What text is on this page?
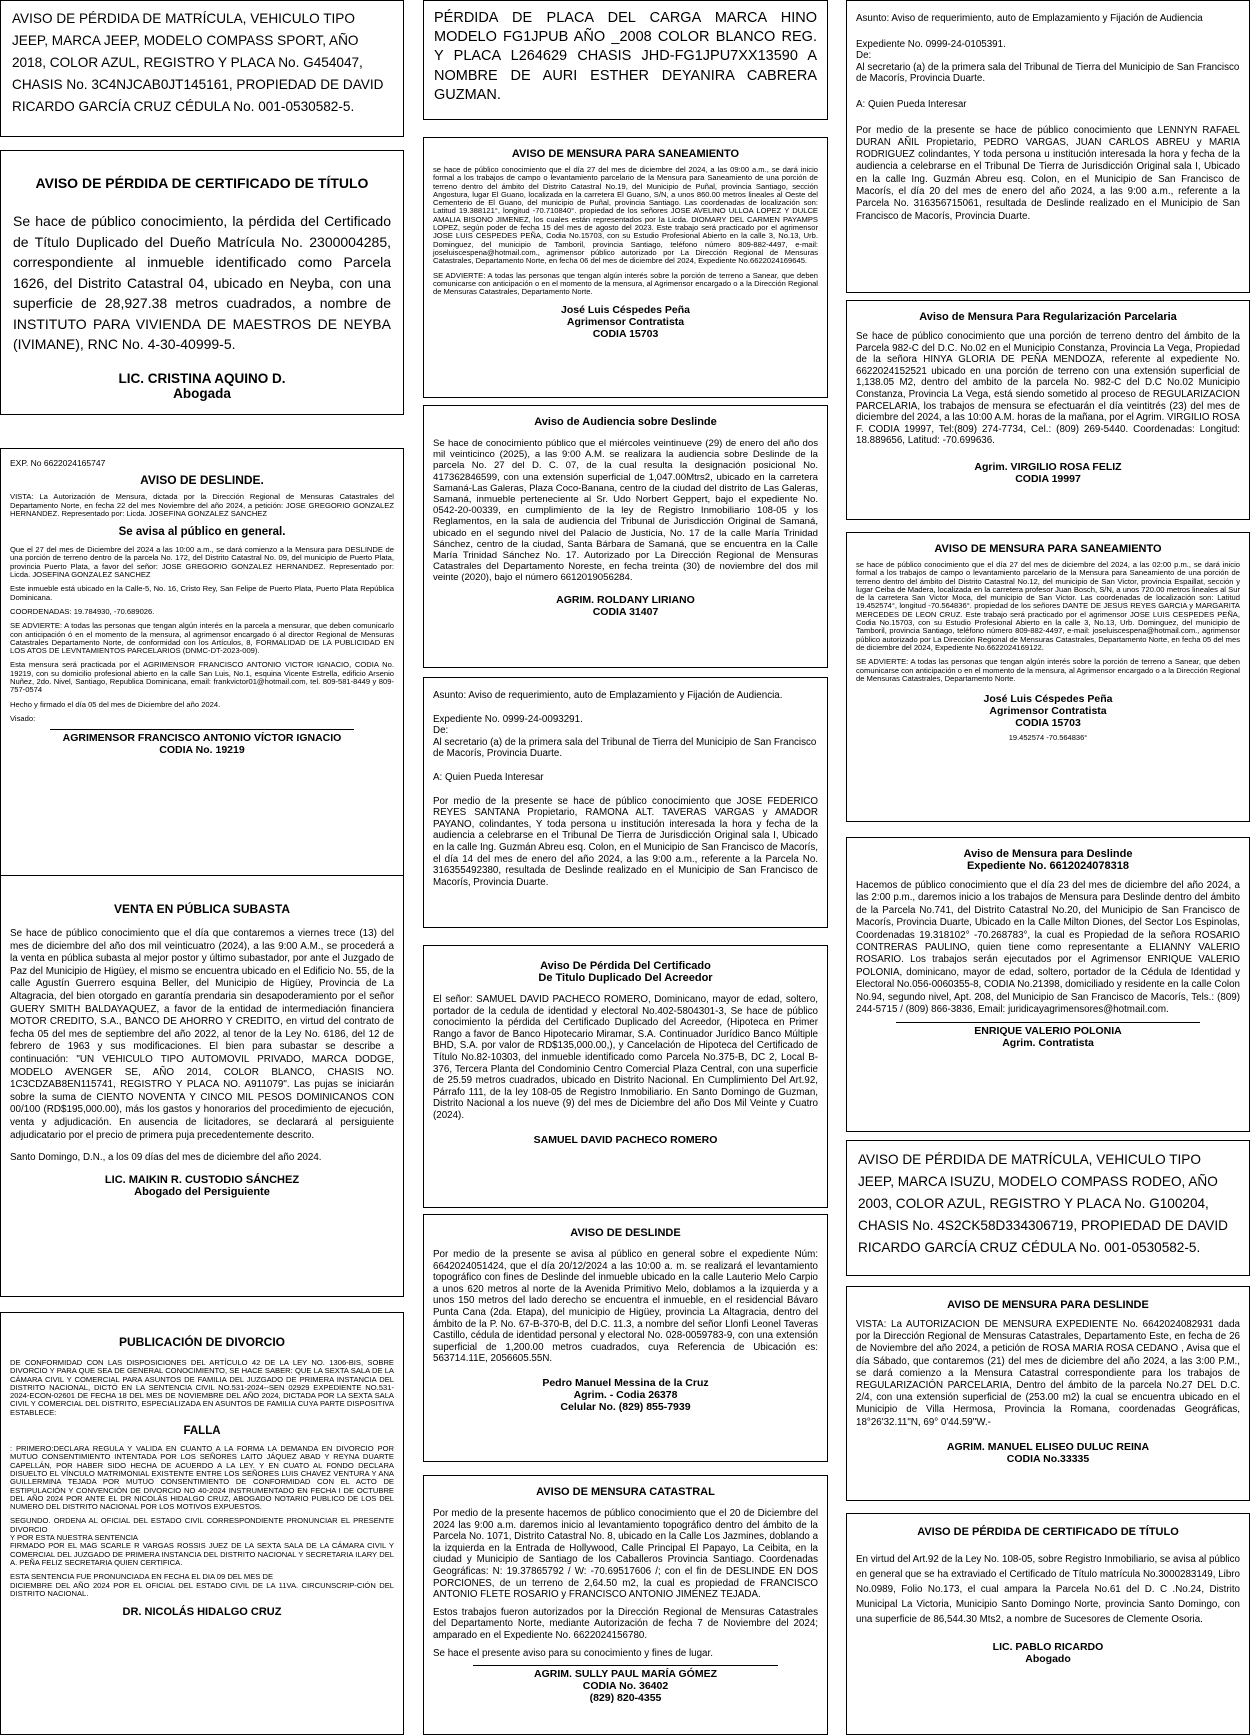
AVISO DE PÉRDIDA DE MATRÍCULA, VEHICULO TIPO JEEP, MARCA JEEP, MODELO COMPASS SPORT, AÑO 2018, COLOR AZUL, REGISTRO Y PLACA No. G454047, CHASIS No. 3C4NJCAB0JT145161, PROPIEDAD DE DAVID RICARDO GARCÍA CRUZ CÉDULA No. 001-0530582-5.

AVISO DE PÉRDIDA DE CERTIFICADO DE TÍTULO

Se hace de público conocimiento, la pérdida del Certificado de Título Duplicado del Dueño Matrícula No. 2300004285, correspondiente al inmueble identificado como Parcela 1626, del Distrito Catastral 04, ubicado en Neyba, con una superficie de 28,927.38 metros cuadrados, a nombre de INSTITUTO PARA VIVIENDA DE MAESTROS DE NEYBA (IVIMANE), RNC No. 4-30-40999-5.

LIC. CRISTINA AQUINO D.

Abogada

EXP. No 6622024165747

AVISO DE DESLINDE.

VISTA: La Autorización de Mensura, dictada por la Dirección Regional de Mensuras Catastrales del Departamento Norte, en fecha 22 del mes Noviembre del año 2024, a petición: JOSE GREGORIO GONZALEZ HERNANDEZ. Representado por: Licda. JOSEFINA GONZALEZ SANCHEZ

Se avisa al público en general.

Que el 27 del mes de Diciembre del 2024 a las 10:00 a.m., se dará comienzo a la Mensura para DESLINDE de una porción de terreno dentro de la parcela No. 172, del Distrito Catastral No. 09, del municipio de Puerto Plata, provincia Puerto Plata, a favor del señor: JOSE GREGORIO GONZALEZ HERNANDEZ. Representado por: Licda. JOSEFINA GONZALEZ SANCHEZ

Este inmueble está ubicado en la Calle-5, No. 16, Cristo Rey, San Felipe de Puerto Plata, Puerto Plata República Dominicana.

COORDENADAS: 19.784930, -70.689026.

SE ADVIERTE: A todas las personas que tengan algún interés en la parcela a mensurar, que deben comunicarlo con anticipación ó en el momento de la mensura, al agrimensor encargado ó al director Regional de Mensuras Catastrales Departamento Norte, de conformidad con los Artículos, 8, FORMALIDAD DE LA PUBLICIDAD EN LOS ATOS DE LEVNTAMIENTOS PARCELARIOS (DNMC-DT-2023-009).

Esta mensura será practicada por el AGRIMENSOR FRANCISCO ANTONIO VICTOR IGNACIO, CODIA No. 19219, con su domicilio profesional abierto en la calle San Luis, No.1, esquina Vicente Estrella, edificio Arsenio Nuñez, 2do. Nivel, Santiago, Republica Dominicana, email: frankvictor01@hotmail.com, tel. 809-581-8449 y 809-757-0574

Hecho y firmado el día 05 del mes de Diciembre del año 2024.

Visado:

AGRIMENSOR FRANCISCO ANTONIO VÍCTOR IGNACIO

CODIA No. 19219

VENTA EN PÚBLICA SUBASTA

Se hace de público conocimiento que el día que contaremos a viernes trece (13) del mes de diciembre del año dos mil veinticuatro (2024), a las 9:00 A.M., se procederá a la venta en pública subasta al mejor postor y último subastador, por ante el Juzgado de Paz del Municipio de Higüey, el mismo se encuentra ubicado en el Edificio No. 55, de la calle Agustín Guerrero esquina Beller, del Municipio de Higüey, Provincia de La Altagracia, del bien otorgado en garantía prendaria sin desapoderamiento por el señor GUERY SMITH BALDAYAQUEZ, a favor de la entidad de intermediación financiera MOTOR CREDITO, S.A., BANCO DE AHORRO Y CREDITO, en virtud del contrato de fecha 05 del mes de septiembre del año 2022, al tenor de la Ley No. 6186, del 12 de febrero de 1963 y sus modificaciones. El bien para subastar se describe a continuación: "UN VEHICULO TIPO AUTOMOVIL PRIVADO, MARCA DODGE, MODELO AVENGER SE, AÑO 2014, COLOR BLANCO, CHASIS NO. 1C3CDZAB8EN115741, REGISTRO Y PLACA NO. A911079". Las pujas se iniciarán sobre la suma de CIENTO NOVENTA Y CINCO MIL PESOS DOMINICANOS CON 00/100 (RD$195,000.00), más los gastos y honorarios del procedimiento de ejecución, venta y adjudicación. En ausencia de licitadores, se declarará al persiguiente adjudicatario por el precio de primera puja precedentemente descrito.

Santo Domingo, D.N., a los 09 días del mes de diciembre del año 2024.

LIC. MAIKIN R. CUSTODIO SÁNCHEZ

Abogado del Persiguiente

PUBLICACIÓN DE DIVORCIO

DE CONFORMIDAD CON LAS DISPOSICIONES DEL ARTÍCULO 42 DE LA LEY NO. 1306-BIS, SOBRE DIVORCIO Y PARA QUE SEA DE GENERAL CONOCIMIENTO, SE HACE SABER: QUE LA SEXTA SALA DE LA CÁMARA CIVIL Y COMERCIAL PARA ASUNTOS DE FAMILIA DEL JUZGADO DE PRIMERA INSTANCIA DEL DISTRITO NACIONAL, DICTÓ EN LA SENTENCIA CIVIL NO.531-2024--SEN 02929 EXPEDIENTE NO.531-2024-ECON-02601 DE FECHA 18 DEL MES DE NOVIEMBRE DEL AÑO 2024, DICTADA POR LA SEXTA SALA CIVIL Y COMERCIAL DEL DISTRITO, ESPECIALIZADA EN ASUNTOS DE FAMILIA CUYA PARTE DISPOSITIVA ESTABLECE:

FALLA

: PRIMERO:DECLARA REGULA Y VALIDA EN CUANTO A LA FORMA LA DEMANDA EN DIVORCIO POR MUTUO CONSENTIMIENTO INTENTADA POR LOS SEÑORES LAITO JÁQUEZ ABAD Y REYNA DUARTE CAPELLÁN, POR HABER SIDO HECHA DE ACUERDO A LA LEY. Y EN CUATO AL FONDO DECLARA DISUELTO EL VÍNCULO MATRIMONIAL EXISTENTE ENTRE LOS SEÑORES LUIS CHAVEZ VENTURA Y ANA GUILLERMINA TEJADA POR MUTUO CONSENTIMIENTO DE CONFORMIDAD CON EL ACTO DE ESTIPULACIÓN Y CONVENCIÓN DE DIVORCIO NO 40-2024 INSTRUMENTADO EN FECHA I DE OCTUBRE DEL AÑO 2024 POR ANTE EL DR NICOLÁS HIDALGO CRUZ, ABOGADO NOTARIO PUBLICO DE LOS DEL NUMERO DEL DISTRITO NACIONAL POR LOS MOTIVOS EXPUESTOS.

SEGUNDO. ORDENA AL OFICIAL DEL ESTADO CIVIL CORRESPONDIENTE PRONUNCIAR EL PRESENTE DIVORCIO
Y POR ESTA NUESTRA SENTENCIA
FIRMADO POR EL MAG SCARLE R VARGAS ROSSIS JUEZ DE LA SEXTA SALA DE LA CÁMARA CIVIL Y COMERCIAL DEL JUZGADO DE PRIMERA INSTANCIA DEL DISTRITO NACIONAL Y SECRETARIA ILARY DEL A. PEÑA FELIZ SECRETARIA QUIEN CERTIFICA.

ESTA SENTENCIA FUE PRONUNCIADA EN FECHA EL DIA 09 DEL MES DE
DICIEMBRE DEL AÑO 2024 POR EL OFICIAL DEL ESTADO CIVIL DE LA 11VA. CIRCUNSCRIP-CIÓN DEL DISTRITO NACIONAL.

DR. NICOLÁS HIDALGO CRUZ

PÉRDIDA DE PLACA DEL CARGA MARCA HINO MODELO FG1JPUB AÑO _2008 COLOR BLANCO REG. Y PLACA L264629 CHASIS JHD-FG1JPU7XX13590 A NOMBRE DE AURI ESTHER DEYANIRA CABRERA GUZMAN.

AVISO DE MENSURA PARA SANEAMIENTO

se hace de público conocimiento que el día 27 del mes de diciembre del 2024, a las 09:00 a.m., se dará inicio formal a los trabajos de campo o levantamiento parcelario de la Mensura para Saneamiento de una porción de terreno dentro del ámbito del Distrito Catastral No.19, del Municipio de Puñal, provincia Santiago, sección Angostura, lugar El Guano, localizada en la carretera El Guano, S/N, a unos 860.00 metros lineales al Oeste del Cementerio de El Guano, del municipio de Puñal, provincia Santiago. Las coordenadas de localización son: Latitud 19.388121°, longitud -70.710840°. propiedad de los señores JOSE AVELINO ULLOA LOPEZ Y DULCE AMALIA BISONO JIMENEZ, los cuales están representados por la Licda. DIOMARY DEL CARMEN PAYAMPS LOPEZ, según poder de fecha 15 del mes de agosto del 2023. Este trabajo será practicado por el agrimensor JOSE LUIS CESPEDES PEÑA, Codia No.15703, con su Estudio Profesional Abierto en la calle 3, No.13, Urb. Dominguez, del municipio de Tamboril, provincia Santiago, teléfono número 809-882-4497, e-mail: joseluiscespena@hotmail.com., agrimensor público autorizado por La Dirección Regional de Mensuras Catastrales, Departamento Norte, en fecha 06 del mes de diciembre del 2024, Expediente No.6622024169645.

SE ADVIERTE: A todas las personas que tengan algún interés sobre la porción de terreno a Sanear, que deben comunicarse con anticipación o en el momento de la mensura, al Agrimensor encargado o a la Dirección Regional de Mensuras Catastrales, Departamento Norte.

José Luis Céspedes Peña

Agrimensor Contratista

CODIA 15703

Aviso de Audiencia sobre Deslinde

Se hace de conocimiento público que el miércoles veintinueve (29) de enero del año dos mil veinticinco (2025), a las 9:00 A.M. se realizara la audiencia sobre Deslinde de la parcela No. 27 del D. C. 07, de la cual resulta la designación posicional No. 417362846599, con una extensión superficial de 1,047.00Mtrs2, ubicado en la carretera Samaná-Las Galeras, Plaza Coco-Banana, centro de la ciudad del distrito de Las Galeras, Samaná, inmueble perteneciente al Sr. Udo Norbert Geppert, bajo el expediente No. 0542-20-00339, en cumplimiento de la ley de Registro Inmobiliario 108-05 y los Reglamentos, en la sala de audiencia del Tribunal de Jurisdicción Original de Samaná, ubicado en el segundo nivel del Palacio de Justicia, No. 17 de la calle María Trinidad Sánchez, centro de la ciudad, Santa Bárbara de Samaná, que se encuentra en la Calle María Trinidad Sánchez No. 17. Autorizado por La Dirección Regional de Mensuras Catastrales del Departamento Noreste, en fecha treinta (30) de noviembre del dos mil veinte (2020), bajo el número 6612019056284.

AGRIM. ROLDANY LIRIANO

CODIA 31407

Asunto: Aviso de requerimiento, auto de Emplazamiento y Fijación de Audiencia.

Expediente No. 0999-24-0093291.

De:

Al secretario (a) de la primera sala del Tribunal de Tierra del Municipio de San Francisco de Macorís, Provincia Duarte.

A: Quien Pueda Interesar

Por medio de la presente se hace de público conocimiento que JOSE FEDERICO REYES SANTANA Propietario, RAMONA ALT. TAVERAS VARGAS y AMADOR PAYANO, colindantes, Y toda persona u institución interesada la hora y fecha de la audiencia a celebrarse en el Tribunal De Tierra de Jurisdicción Original sala I, Ubicado en la calle Ing. Guzmán Abreu esq. Colon, en el Municipio de San Francisco de Macorís, el día 14 del mes de enero del año 2024, a las 9:00 a.m., referente a la Parcela No. 316355492380, resultada de Deslinde realizado en el Municipio de San Francisco de Macorís, Provincia Duarte.

Aviso De Pérdida Del Certificado

De Titulo Duplicado Del Acreedor

El señor: SAMUEL DAVID PACHECO ROMERO, Dominicano, mayor de edad, soltero, portador de la cedula de identidad y electoral No.402-5804301-3, Se hace de público conocimiento la pérdida del Certificado Duplicado del Acreedor, (Hipoteca en Primer Rango a favor de Banco Hipotecario Miramar, S.A. Continuador Jurídico Banco Múltiple BHD, S.A. por valor de RD$135,000.00,), y Cancelación de Hipoteca del Certificado de Título No.82-10303, del inmueble identificado como Parcela No.375-B, DC 2, Local B-376, Tercera Planta del Condominio Centro Comercial Plaza Central, con una superficie de 25.59 metros cuadrados, ubicado en Distrito Nacional. En Cumplimiento Del Art.92, Párrafo 111, de la ley 108-05 de Registro Inmobiliario. En Santo Domingo de Guzman, Distrito Nacional a los nueve (9) del mes de Diciembre del año Dos Mil Veinte y Cuatro (2024).

SAMUEL DAVID PACHECO ROMERO

AVISO DE DESLINDE

Por medio de la presente se avisa al público en general sobre el expediente Núm: 6642024051424, que el día 20/12/2024 a las 10:00 a. m. se realizará el levantamiento topográfico con fines de Deslinde del inmueble ubicado en la calle Lauterio Melo Carpio a unos 620 metros al norte de la Avenida Primitivo Melo, doblamos a la izquierda y a unos 150 metros del lado derecho se encuentra el inmueble, en el residencial Bávaro Punta Cana (2da. Etapa), del municipio de Higüey, provincia La Altagracia, dentro del ámbito de la P. No. 67-B-370-B, del D.C. 11.3, a nombre del señor Llonfi Leonel Taveras Castillo, cédula de identidad personal y electoral No. 028-0059783-9, con una extensión superficial de 1,200.00 metros cuadrados, cuya Referencia de Ubicación es: 563714.11E, 2056605.55N.

Pedro Manuel Messina de la Cruz

Agrim. - Codia 26378

Celular No. (829) 855-7939

AVISO DE MENSURA CATASTRAL

Por medio de la presente hacemos de público conocimiento que el 20 de Diciembre del 2024 las 9:00 a.m. daremos inicio al levantamiento topográfico dentro del ámbito de la Parcela No. 1071, Distrito Catastral No. 8, ubicado en la Calle Los Jazmines, doblando a la izquierda en la Entrada de Hollywood, Calle Principal El Papayo, La Ceibita, en la ciudad y Municipio de Santiago de los Caballeros Provincia Santiago. Coordenadas Geográficas: N: 19.37865792 / W: -70.69517606 /; con el fin de DESLINDE EN DOS PORCIONES, de un terreno de 2,64.50 m2, la cual es propiedad de FRANCISCO ANTONIO FLETE ROSARIO y FRANCISCO ANTONIO JIMÉNEZ TEJADA.

Estos trabajos fueron autorizados por la Dirección Regional de Mensuras Catastrales del Departamento Norte, mediante Autorización de fecha 7 de Noviembre del 2024; amparado en el Expediente No. 6622024156780.

Se hace el presente aviso para su conocimiento y fines de lugar.

AGRIM. SULLY PAUL MARÍA GÓMEZ

CODIA No. 36402

(829) 820-4355

Asunto: Aviso de requerimiento, auto de Emplazamiento y Fijación de Audiencia

Expediente No. 0999-24-0105391.

De:

Al secretario (a) de la primera sala del Tribunal de Tierra del Municipio de San Francisco de Macorís, Provincia Duarte.

A: Quien Pueda Interesar

Por medio de la presente se hace de público conocimiento que LENNYN RAFAEL DURAN AÑIL Propietario, PEDRO VARGAS, JUAN CARLOS ABREU y MARIA RODRIGUEZ colindantes, Y toda persona u institución interesada la hora y fecha de la audiencia a celebrarse en el Tribunal De Tierra de Jurisdicción Original sala I, Ubicado en la calle Ing. Guzmán Abreu esq. Colon, en el Municipio de San Francisco de Macorís, el día 20 del mes de enero del año 2024, a las 9:00 a.m., referente a la Parcela No. 316356715061, resultada de Deslinde realizado en el Municipio de San Francisco de Macorís, Provincia Duarte.

Aviso de Mensura Para Regularización Parcelaria

Se hace de público conocimiento que una porción de terreno dentro del ámbito de la Parcela 982-C del D.C. No.02 en el Municipio Constanza, Provincia La Vega, Propiedad de la señora HINYA GLORIA DE PEÑA MENDOZA, referente al expediente No. 6622024152521 ubicado en una porción de terreno con una extensión superficial de 1,138.05 M2, dentro del ambito de la parcela No. 982-C del D.C No.02 Municipio Constanza, Provincia La Vega, está siendo sometido al proceso de REGULARIZACION PARCELARIA, los trabajos de mensura se efectuarán el día veintitrés (23) del mes de diciembre del 2024, a las 10:00 A.M. horas de la mañana, por el Agrim. VIRGILIO ROSA F. CODIA 19997, Tel:(809) 274-7734, Cel.: (809) 269-5440. Coordenadas: Longitud: 18.889656, Latitud: -70.699636.

Agrim. VIRGILIO ROSA FELIZ

CODIA 19997

AVISO DE MENSURA PARA SANEAMIENTO

se hace de público conocimiento que el día 27 del mes de diciembre del 2024, a las 02:00 p.m., se dará inicio formal a los trabajos de campo o levantamiento parcelario de la Mensura para Saneamiento de una porción de terreno dentro del ámbito del Distrito Catastral No.12, del municipio de San Victor, provincia Espaillat, sección y lugar Ceiba de Madera, localizada en la carretera profesor Juan Bosch, S/N, a unos 720.00 metros lineales al Sur de la carretera San Victor Moca, del municipio de San Victor. Las coordenadas de localización son: Latitud 19.452574°, longitud -70.564836°. propiedad de los señores DANTE DE JESUS REYES GARCIA y MARGARITA MERCEDES DE LEON CRUZ. Este trabajo será practicado por el agrimensor JOSE LUIS CESPEDES PEÑA, Codia No.15703, con su Estudio Profesional Abierto en la calle 3, No.13, Urb. Dominguez, del municipio de Tamboril, provincia Santiago, teléfono número 809-882-4497, e-mail: joseluiscespena@hotmail.com., agrimensor público autorizado por La Dirección Regional de Mensuras Catastrales, Departamento Norte, en fecha 05 del mes de diciembre del 2024, Expediente No.6622024169122.

SE ADVIERTE: A todas las personas que tengan algún interés sobre la porción de terreno a Sanear, que deben comunicarse con anticipación o en el momento de la mensura, al Agrimensor encargado o a la Dirección Regional de Mensuras Catastrales, Departamento Norte.

José Luis Céspedes Peña

Agrimensor Contratista

CODIA 15703

19.452574 -70.564836°

Aviso de Mensura para Deslinde

Expediente No. 6612024078318

Hacemos de público conocimiento que el día 23 del mes de diciembre del año 2024, a las 2:00 p.m., daremos inicio a los trabajos de Mensura para Deslinde dentro del ámbito de la Parcela No.741, del Distrito Catastral No.20, del Municipio de San Francisco de Macorís, Provincia Duarte, Ubicado en la Calle Milton Diones, del Sector Los Espinolas, Coordenadas 19.318102° -70.268783°, la cual es Propiedad de la señora ROSARIO CONTRERAS PAULINO, quien tiene como representante a ELIANNY VALERIO ROSARIO. Los trabajos serán ejecutados por el Agrimensor ENRIQUE VALERIO POLONIA, dominicano, mayor de edad, soltero, portador de la Cédula de Identidad y Electoral No.056-0060355-8, CODIA No.21398, domiciliado y residente en la calle Colon No.94, segundo nivel, Apt. 208, del Municipio de San Francisco de Macorís, Tels.: (809) 244-5715 / (809) 866-3836, Email: juridicayagrimensores@hotmail.com.

ENRIQUE VALERIO POLONIA

Agrim. Contratista

AVISO DE PÉRDIDA DE MATRÍCULA, VEHICULO TIPO JEEP, MARCA ISUZU, MODELO COMPASS RODEO, AÑO 2003, COLOR AZUL, REGISTRO Y PLACA No. G100204, CHASIS No. 4S2CK58D334306719, PROPIEDAD DE DAVID RICARDO GARCÍA CRUZ CÉDULA No. 001-0530582-5.

AVISO DE MENSURA PARA DESLINDE

VISTA: La AUTORIZACION DE MENSURA EXPEDIENTE No. 6642024082931 dada por la Dirección Regional de Mensuras Catastrales, Departamento Este, en fecha de 26 de Noviembre del año 2024, a petición de ROSA MARIA ROSA CEDANO , Avisa que el día Sábado, que contaremos (21) del mes de diciembre del año 2024, a las 3:00 P.M., se dará comienzo a la Mensura Catastral correspondiente para los trabajos de REGULARIZACIÓN PARCELARIA, Dentro del ámbito de la parcela No.27 DEL D.C. 2/4, con una extensión superficial de (253.00 m2) la cual se encuentra ubicado en el Municipio de Villa Hermosa, Provincia la Romana, coordenadas Geográficas, 18°26'32.11"N, 69° 0'44.59"W.-

AGRIM. MANUEL ELISEO DULUC REINA

CODIA No.33335

AVISO DE PÉRDIDA DE CERTIFICADO DE TÍTULO

En virtud del Art.92 de la Ley No. 108-05, sobre Registro Inmobiliario, se avisa al público en general que se ha extraviado el Certificado de Título matrícula No.3000283149, Libro No.0989, Folio No.173, el cual ampara la Parcela No.61 del D. C .No.24, Distrito Municipal La Victoria, Municipio Santo Domingo Norte, provincia Santo Domingo, con una superficie de 86,544.30 Mts2, a nombre de Sucesores de Clemente Osoria.

LIC. PABLO RICARDO

Abogado
